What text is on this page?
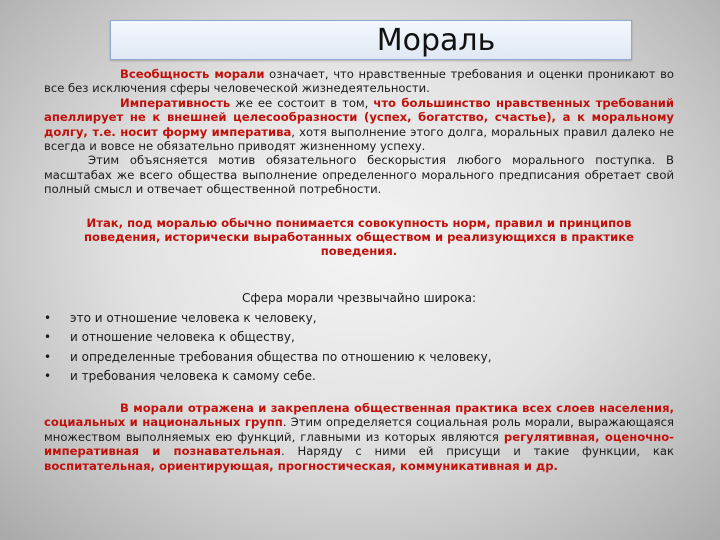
Мораль

Всеобщность морали означает, что нравственные требования и оценки проникают во все без исключения сферы человеческой жизнедеятельности.

Императивность же ее состоит в том, что большинство нравственных требований апеллирует не к внешней целесообразности (успех, богатство, счастье), а к моральному долгу, т.е. носит форму императива, хотя выполнение этого долга, моральных правил далеко не всегда и вовсе не обязательно приводят жизненному успеху.

Этим объясняется мотив обязательного бескорыстия любого морального поступка. В масштабах же всего общества выполнение определенного морального предписания обретает свой полный смысл и отвечает общественной потребности.

Итак, под моралью обычно понимается совокупность норм, правил и принципов поведения, исторически выработанных обществом и реализующихся в практике поведения.

Сфера морали чрезвычайно широка:

• это и отношение человека к человеку,
• и отношение человека к обществу,
• и определенные требования общества по отношению к человеку,
• и требования человека к самому себе.

В морали отражена и закреплена общественная практика всех слоев населения, социальных и национальных групп. Этим определяется социальная роль морали, выражающаяся множеством выполняемых ею функций, главными из которых являются регулятивная, оценочно-императивная и познавательная. Наряду с ними ей присущи и такие функции, как воспитательная, ориентирующая, прогностическая, коммуникативная и др.
